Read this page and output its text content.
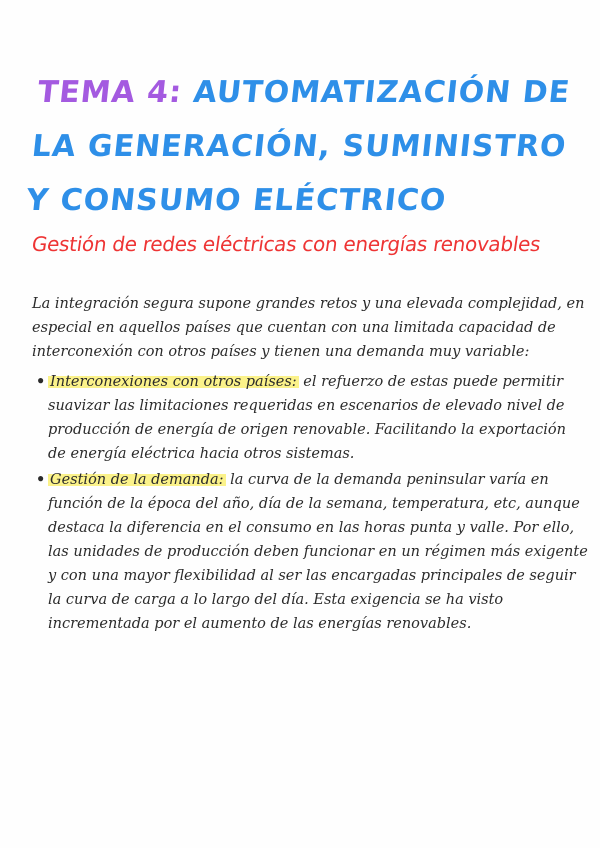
TEMA 4: AUTOMATIZACIÓN DE LA GENERACIÓN, SUMINISTRO Y CONSUMO ELÉCTRICO
Gestión de redes eléctricas con energías renovables

La integración segura supone grandes retos y una elevada complejidad, en especial en aquellos países que cuentan con una limitada capacidad de interconexión con otros países y tienen una demanda muy variable:

• Interconexiones con otros países: el refuerzo de estas puede permitir suavizar las limitaciones requeridas en escenarios de elevado nivel de producción de energía de origen renovable. Facilitando la exportación de energía eléctrica hacia otros sistemas.
• Gestión de la demanda: la curva de la demanda peninsular varía en función de la época del año, día de la semana, temperatura, etc, aunque destaca la diferencia en el consumo en las horas punta y valle. Por ello, las unidades de producción deben funcionar en un régimen más exigente y con una mayor flexibilidad al ser las encargadas principales de seguir la curva de carga a lo largo del día. Esta exigencia se ha visto incrementada por el aumento de las energías renovables.
